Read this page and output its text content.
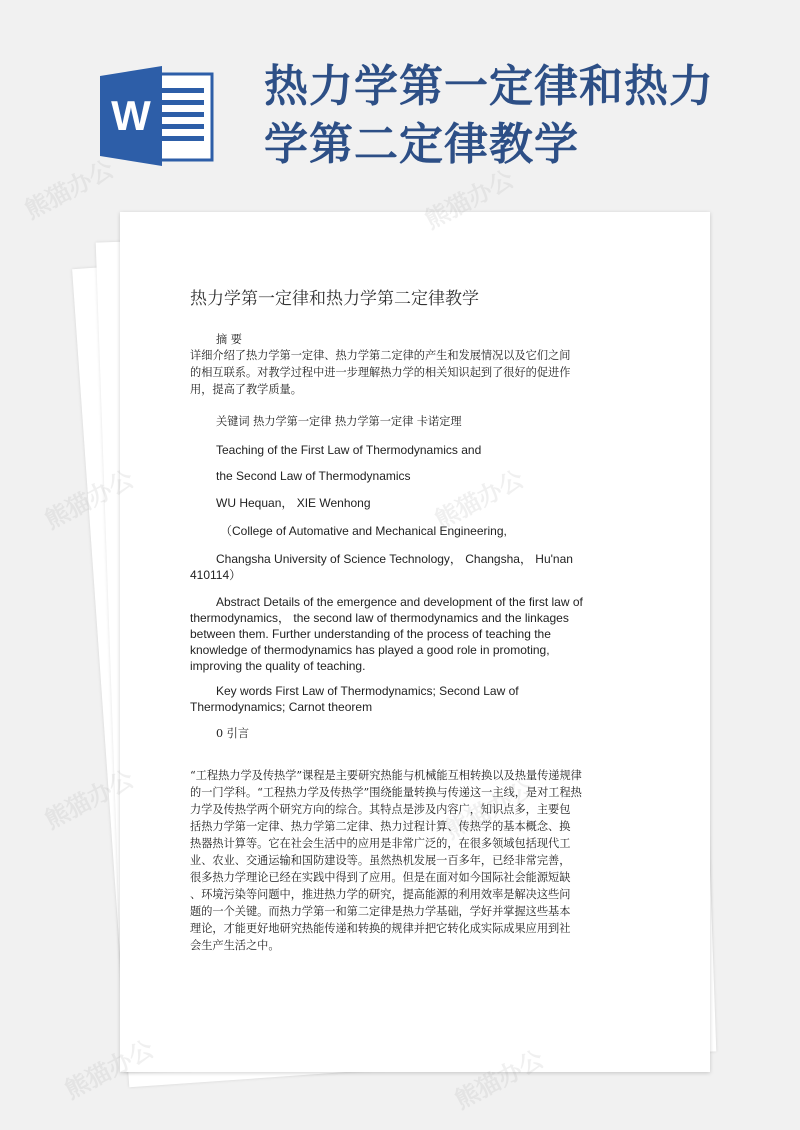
W
热力学第一定律和热力
学第二定律教学
热力学第一定律和热力学第二定律教学
摘 要
详细介绍了热力学第一定律、热力学第二定律的产生和发展情况以及它们之间
的相互联系。对教学过程中进一步理解热力学的相关知识起到了很好的促进作
用，提高了教学质量。
关键词 热力学第一定律 热力学第一定律 卡诺定理
Teaching of the First Law of Thermodynamics and
the Second Law of Thermodynamics
WU Hequan， XIE Wenhong
（College of Automative and Mechanical Engineering,
Changsha University of Science Technology， Changsha， Hu'nan
410114）
Abstract Details of the emergence and development of the first law of
thermodynamics， the second law of thermodynamics and the linkages
between them. Further understanding of the process of teaching the
knowledge of thermodynamics has played a good role in promoting,
improving the quality of teaching.
Key words First Law of Thermodynamics; Second Law of
Thermodynamics; Carnot theorem
0 引言
“工程热力学及传热学”课程是主要研究热能与机械能互相转换以及热量传递规律
的一门学科。“工程热力学及传热学”围绕能量转换与传递这一主线，是对工程热
力学及传热学两个研究方向的综合。其特点是涉及内容广，知识点多，主要包
括热力学第一定律、热力学第二定律、热力过程计算、传热学的基本概念、换
热器热计算等。它在社会生活中的应用是非常广泛的，在很多领域包括现代工
业、农业、交通运输和国防建设等。虽然热机发展一百多年，已经非常完善，
很多热力学理论已经在实践中得到了应用。但是在面对如今国际社会能源短缺
、环境污染等问题中，推进热力学的研究，提高能源的利用效率是解决这些问
题的一个关键。而热力学第一和第二定律是热力学基础，学好并掌握这些基本
理论，才能更好地研究热能传递和转换的规律并把它转化成实际成果应用到社
会生产生活之中。
熊猫办公	熊猫办公
熊猫办公
熊猫办公	熊猫办公
